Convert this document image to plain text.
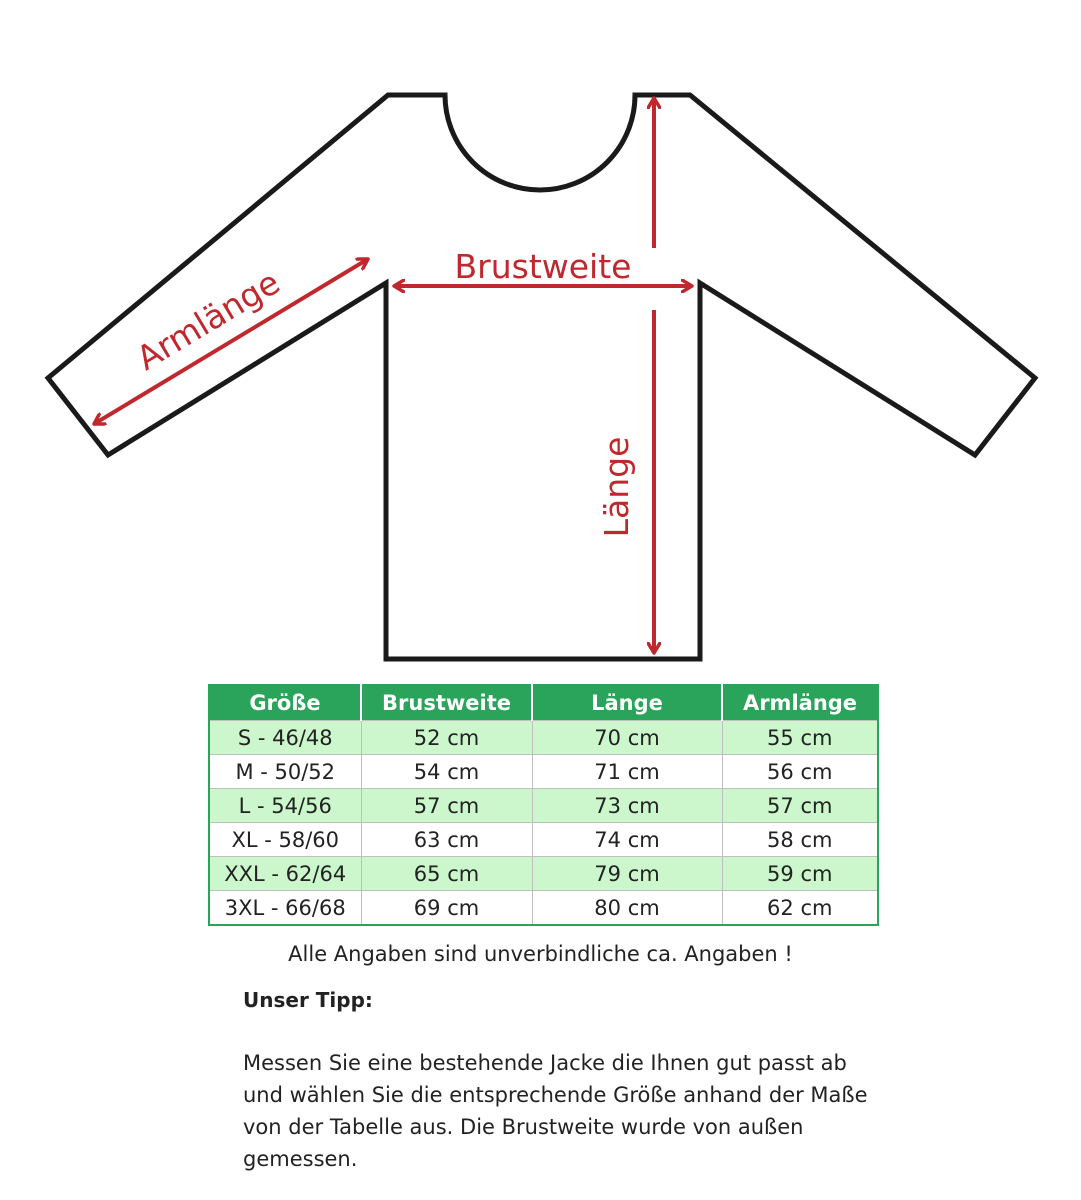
Brustweite
Armlänge
Länge
Größe	Brustweite	Länge	Armlänge
S - 46/48	52 cm	70 cm	55 cm
M - 50/52	54 cm	71 cm	56 cm
L - 54/56	57 cm	73 cm	57 cm
XL - 58/60	63 cm	74 cm	58 cm
XXL - 62/64	65 cm	79 cm	59 cm
3XL - 66/68	69 cm	80 cm	62 cm
Alle Angaben sind unverbindliche ca. Angaben !
Unser Tipp:
Messen Sie eine bestehende Jacke die Ihnen gut passt ab
und wählen Sie die entsprechende Größe anhand der Maße
von der Tabelle aus. Die Brustweite wurde von außen
gemessen.
